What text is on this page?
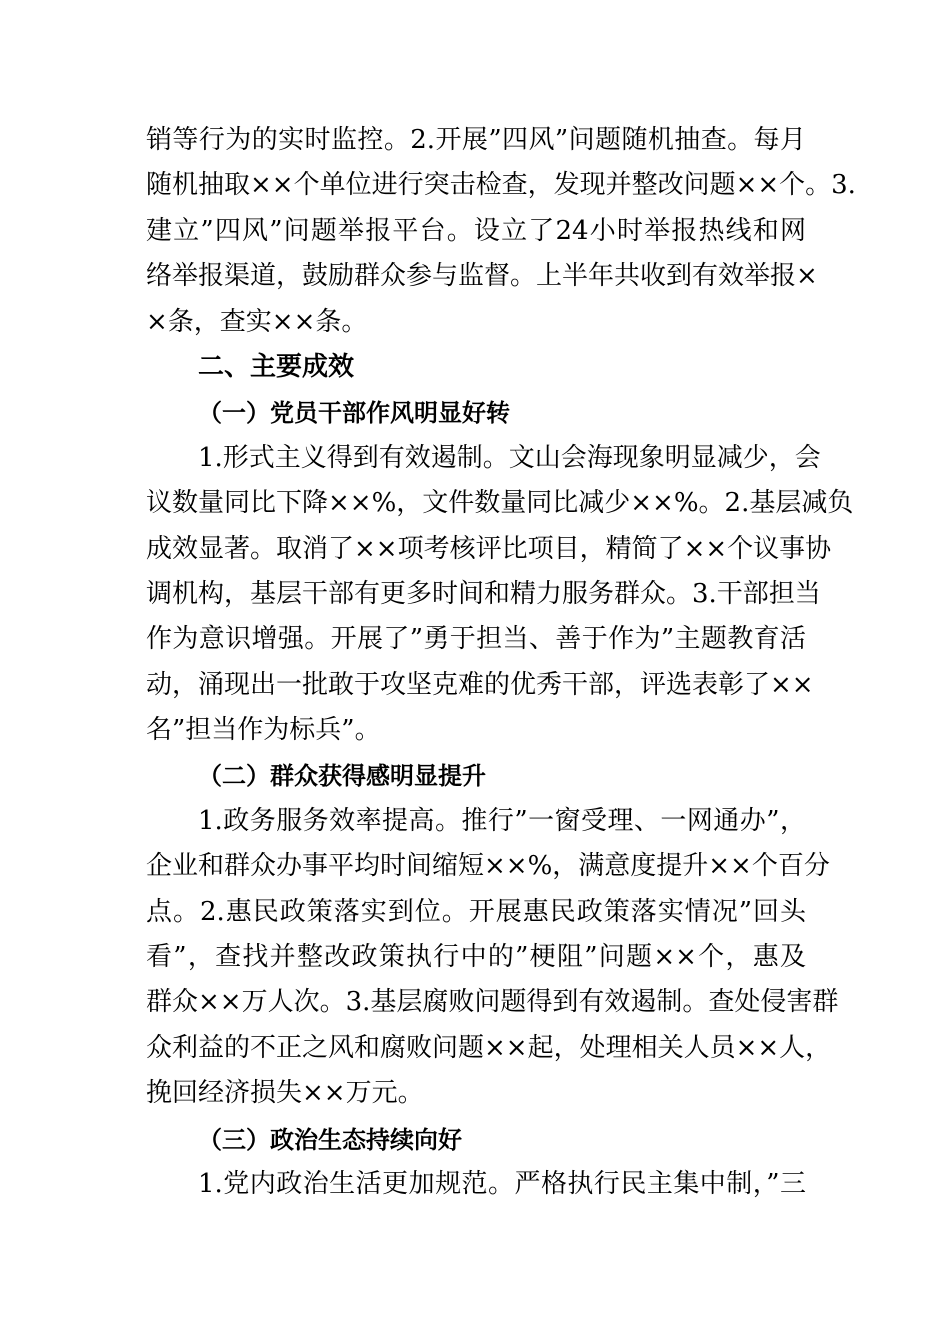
销等行为的实时监控。2.开展”四风”问题随机抽查。每月
随机抽取××个单位进行突击检查，发现并整改问题××个。3.
建立”四风”问题举报平台。设立了24小时举报热线和网
络举报渠道，鼓励群众参与监督。上半年共收到有效举报×
×条，查实××条。
二、主要成效
（一）党员干部作风明显好转
1.形式主义得到有效遏制。文山会海现象明显减少，会
议数量同比下降××%，文件数量同比减少××%。2.基层减负
成效显著。取消了××项考核评比项目，精简了××个议事协
调机构，基层干部有更多时间和精力服务群众。3.干部担当
作为意识增强。开展了”勇于担当、善于作为”主题教育活
动，涌现出一批敢于攻坚克难的优秀干部，评选表彰了××
名”担当作为标兵”。
（二）群众获得感明显提升
1.政务服务效率提高。推行”一窗受理、一网通办”，
企业和群众办事平均时间缩短××%，满意度提升××个百分
点。2.惠民政策落实到位。开展惠民政策落实情况”回头
看”，查找并整改政策执行中的”梗阻”问题××个，惠及
群众××万人次。3.基层腐败问题得到有效遏制。查处侵害群
众利益的不正之风和腐败问题××起，处理相关人员××人，
挽回经济损失××万元。
（三）政治生态持续向好
1.党内政治生活更加规范。严格执行民主集中制，”三
